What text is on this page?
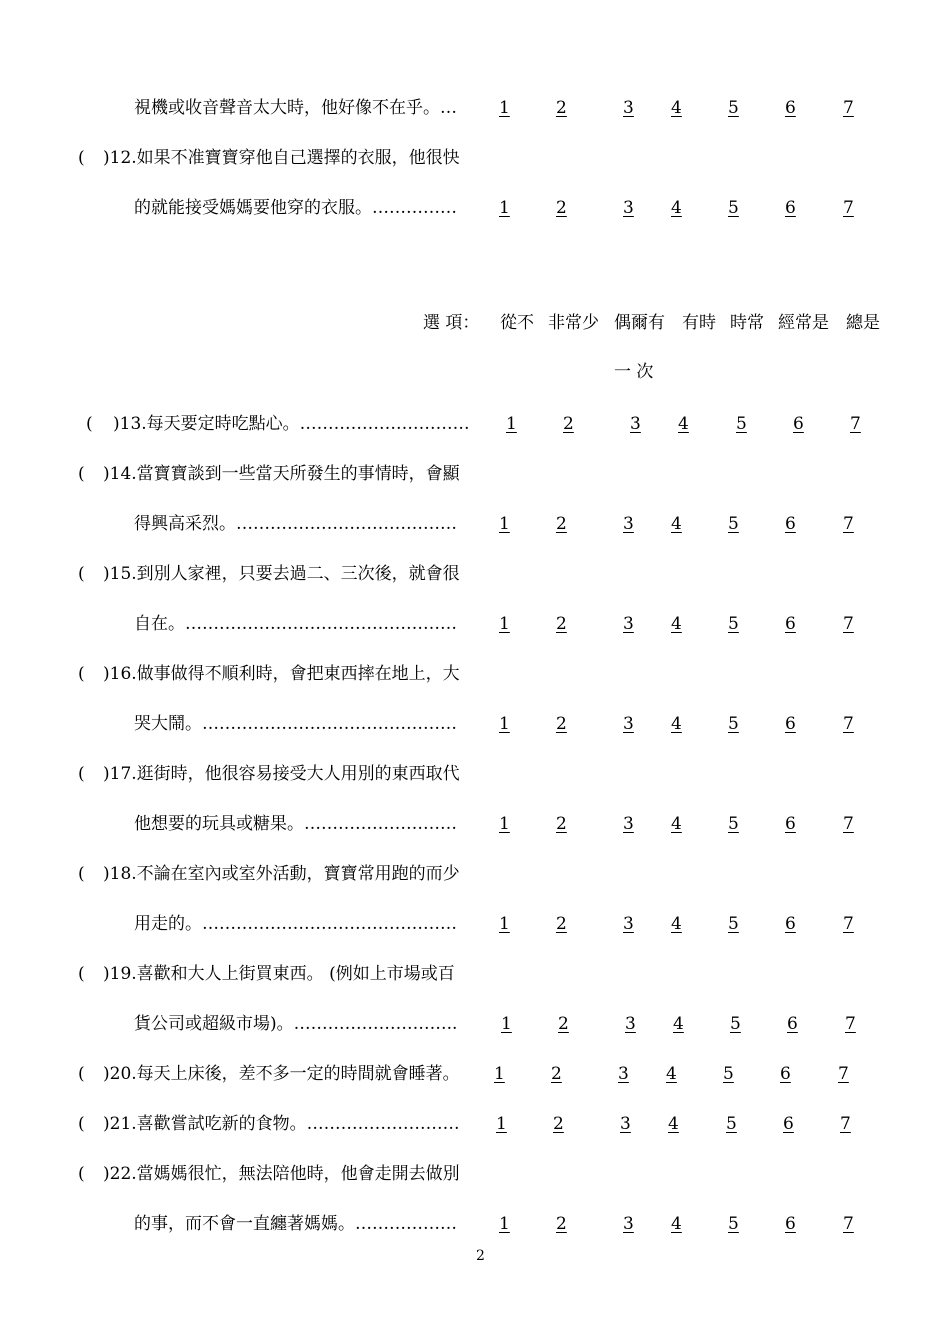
視機或收音聲音太大時，他好像不在乎。… 1	2	3 4	5	6	7
( )12.如果不准寶寶穿他自己選擇的衣服，他很快
的就能接受媽媽要他穿的衣服。…………… 1	2	3 4	5	6	7
選 項： 從不 非常少 偶爾有 有時 時常 經常是 總是
一 次
( )13.每天要定時吃點心。………………………… 1	2	3 4	5	6	7
( )14.當寶寶談到一些當天所發生的事情時，會顯
得興高采烈。………………………………… 1	2	3 4	5	6	7
( )15.到別人家裡，只要去過二、三次後，就會很
自在。………………………………………… 1	2	3 4	5	6	7
( )16.做事做得不順利時，會把東西摔在地上，大
哭大鬧。……………………………………… 1	2	3 4	5	6	7
( )17.逛街時，他很容易接受大人用別的東西取代
他想要的玩具或糖果。……………………… 1	2	3 4	5	6	7
( )18.不論在室內或室外活動，寶寶常用跑的而少
用走的。……………………………………… 1	2	3 4	5	6	7
( )19.喜歡和大人上街買東西。 (例如上市場或百
貨公司或超級市場)。………………………..	1	2	3 4	5	6	7
( )20.每天上床後，差不多一定的時間就會睡著。 1	2	3 4	5	6	7
( )21.喜歡嘗試吃新的食物。……………………… 1	2	3 4	5	6	7
( )22.當媽媽很忙，無法陪他時，他會走開去做別
的事，而不會一直纏著媽媽。……………… 1	2	3 4	5	6	7
2
